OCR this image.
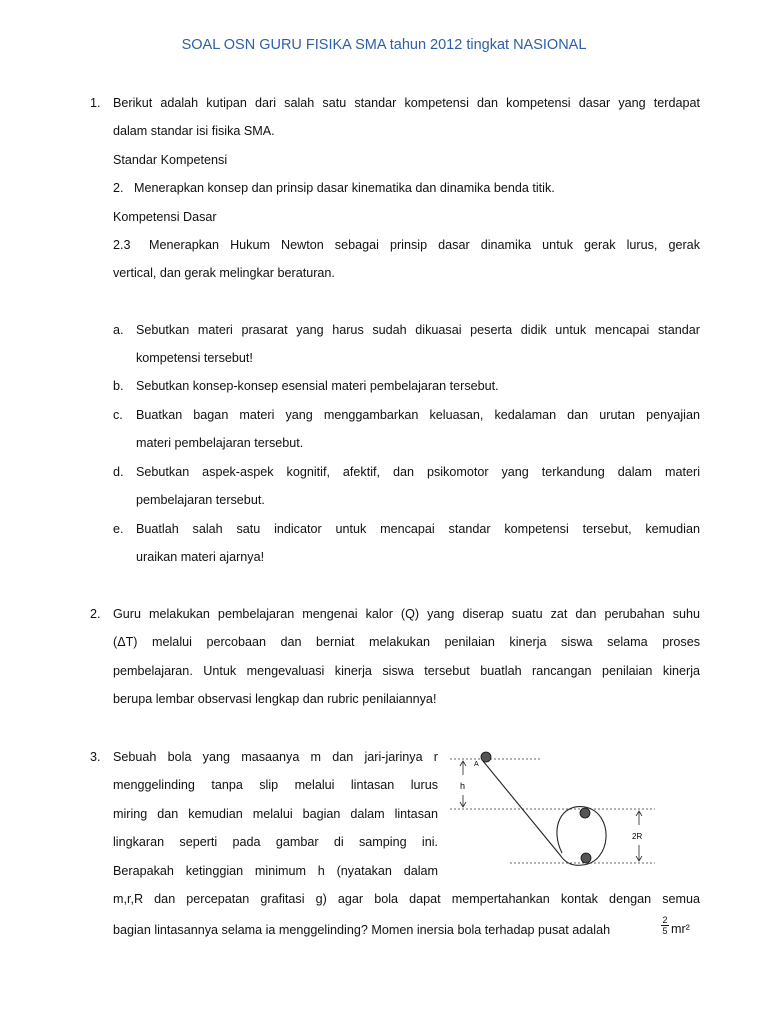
SOAL OSN GURU FISIKA SMA tahun 2012 tingkat NASIONAL
1. Berikut adalah kutipan dari salah satu standar kompetensi dan kompetensi dasar yang terdapat
dalam standar isi fisika SMA.
Standar Kompetensi
2. Menerapkan konsep dan prinsip dasar kinematika dan dinamika benda titik.
Kompetensi Dasar
2.3 Menerapkan Hukum Newton sebagai prinsip dasar dinamika untuk gerak lurus, gerak
vertical, dan gerak melingkar beraturan.
a. Sebutkan materi prasarat yang harus sudah dikuasai peserta didik untuk mencapai standar
kompetensi tersebut!
b. Sebutkan konsep-konsep esensial materi pembelajaran tersebut.
c. Buatkan bagan materi yang menggambarkan keluasan, kedalaman dan urutan penyajian
materi pembelajaran tersebut.
d. Sebutkan aspek-aspek kognitif, afektif, dan psikomotor yang terkandung dalam materi
pembelajaran tersebut.
e. Buatlah salah satu indicator untuk mencapai standar kompetensi tersebut, kemudian
uraikan materi ajarnya!
2. Guru melakukan pembelajaran mengenai kalor (Q) yang diserap suatu zat dan perubahan suhu
(ΔT) melalui percobaan dan berniat melakukan penilaian kinerja siswa selama proses
pembelajaran. Untuk mengevaluasi kinerja siswa tersebut buatlah rancangan penilaian kinerja
berupa lembar observasi lengkap dan rubric penilaiannya!
3. Sebuah bola yang masaanya m dan jari-jarinya r
menggelinding tanpa slip melalui lintasan lurus
miring dan kemudian melalui bagian dalam lintasan
lingkaran seperti pada gambar di samping ini.
Berapakah ketinggian minimum h (nyatakan dalam
m,r,R dan percepatan grafitasi g) agar bola dapat mempertahankan kontak dengan semua
bagian lintasannya selama ia menggelinding? Momen inersia bola terhadap pusat adalah
2
5 mr²
A
h
2R
